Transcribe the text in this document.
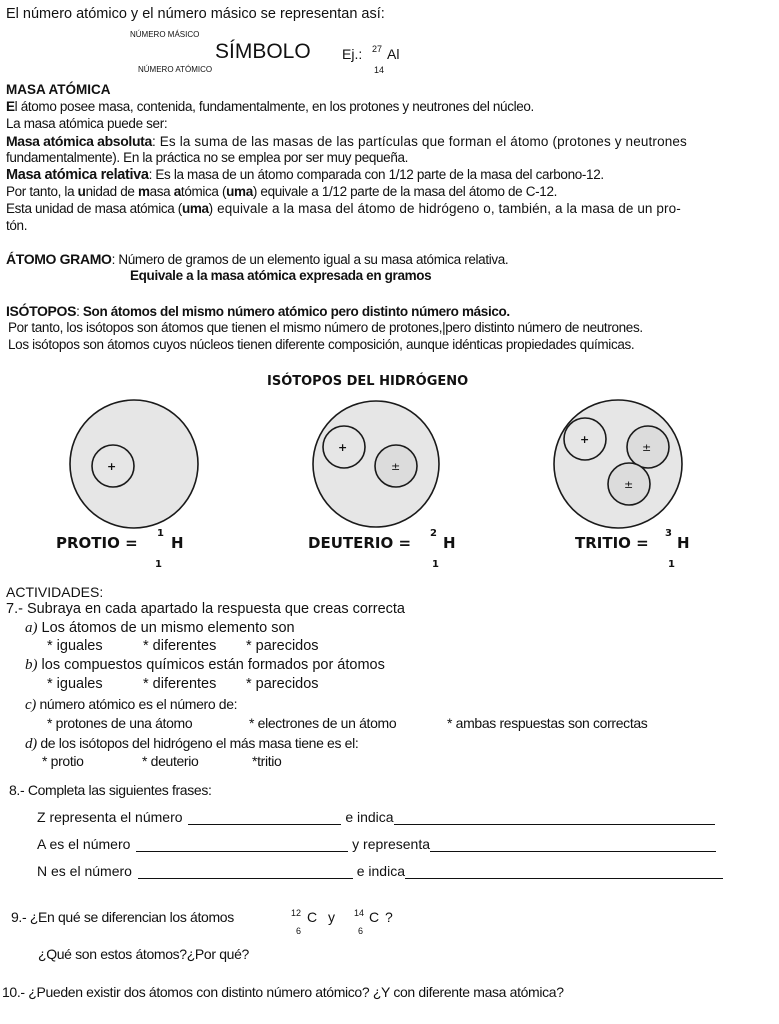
El número atómico y el número másico se representan así:
NÚMERO MÁSICO
SÍMBOLO
NÚMERO ATÓMICO
Ej.: 27 Al
14
MASA ATÓMICA
El átomo posee masa, contenida, fundamentalmente, en los protones y neutrones del núcleo.
La masa atómica puede ser:
Masa atómica absoluta: Es la suma de las masas de las partículas que forman el átomo (protones y neutrones
fundamentalmente). En la práctica no se emplea por ser muy pequeña.
Masa atómica relativa: Es la masa de un átomo comparada con 1/12 parte de la masa del carbono-12.
Por tanto, la unidad de masa atómica (uma) equivale a 1/12 parte de la masa del átomo de C-12.
Esta unidad de masa atómica (uma) equivale a la masa del átomo de hidrógeno o, también, a la masa de un pro-
tón.
ÁTOMO GRAMO: Número de gramos de un elemento igual a su masa atómica relativa.
Equivale a la masa atómica expresada en gramos
ISÓTOPOS: Son átomos del mismo número atómico pero distinto número másico.
Por tanto, los isótopos son átomos que tienen el mismo número de protones,|pero distinto número de neutrones.
Los isótopos son átomos cuyos núcleos tienen diferente composición, aunque idénticas propiedades químicas.
ISÓTOPOS DEL HIDRÓGENO
+
+
±
+
±
±
PROTIO =
1
H
1
DEUTERIO =
2
H
1
TRITIO =
3
H
1
ACTIVIDADES:
7.- Subraya en cada apartado la respuesta que creas correcta
a) Los átomos de un mismo elemento son
* iguales	* diferentes * parecidos
b) los compuestos químicos están formados por átomos
* iguales	* diferentes * parecidos
c) número atómico es el número de:
* protones de una átomo	* electrones de un átomo	* ambas respuestas son correctas
d) de los isótopos del hidrógeno el más masa tiene es el:
* protio	* deuterio	*tritio
8.- Completa las siguientes frases:
Z representa el número	e indica
A es el número	y representa
N es el número	e indica
9.- ¿En qué se diferencian los átomos	12 C
6
y 14 C
6
?
¿Qué son estos átomos?¿Por qué?
10.- ¿Pueden existir dos átomos con distinto número atómico? ¿Y con diferente masa atómica?
